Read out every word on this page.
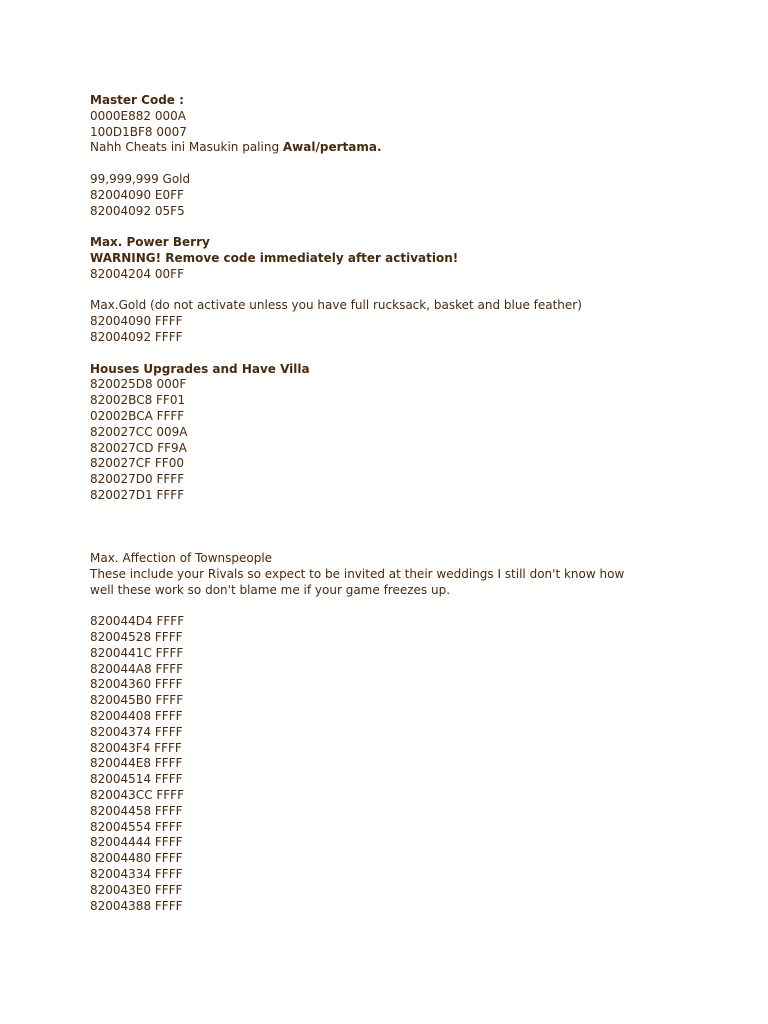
Master Code :
0000E882 000A
100D1BF8 0007
Nahh Cheats ini Masukin paling Awal/pertama.
99,999,999 Gold
82004090 E0FF
82004092 05F5
Max. Power Berry
WARNING! Remove code immediately after activation!
82004204 00FF
Max.Gold (do not activate unless you have full rucksack, basket and blue feather)
82004090 FFFF
82004092 FFFF
Houses Upgrades and Have Villa
820025D8 000F
82002BC8 FF01
02002BCA FFFF
820027CC 009A
820027CD FF9A
820027CF FF00
820027D0 FFFF
820027D1 FFFF
Max. Affection of Townspeople
These include your Rivals so expect to be invited at their weddings I still don't know how
well these work so don't blame me if your game freezes up.
820044D4 FFFF
82004528 FFFF
8200441C FFFF
820044A8 FFFF
82004360 FFFF
820045B0 FFFF
82004408 FFFF
82004374 FFFF
820043F4 FFFF
820044E8 FFFF
82004514 FFFF
820043CC FFFF
82004458 FFFF
82004554 FFFF
82004444 FFFF
82004480 FFFF
82004334 FFFF
820043E0 FFFF
82004388 FFFF
